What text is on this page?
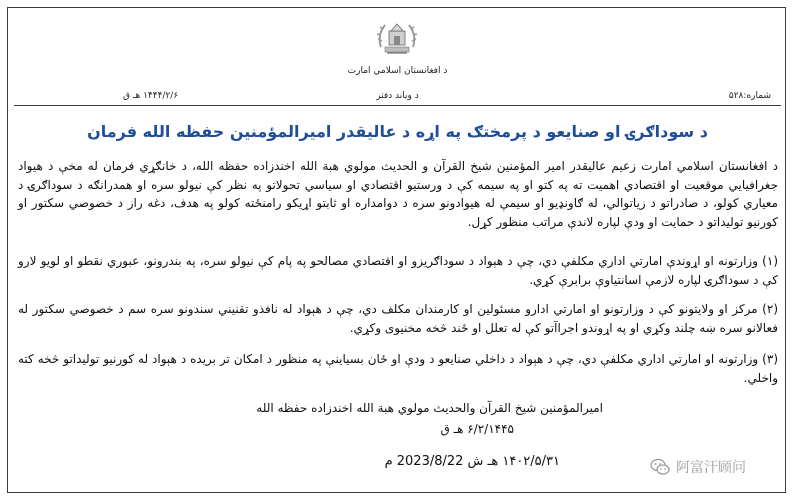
د افغانستان اسلامي امارت
شماره:۵۲۸
د ویاند دفتر
۱۴۴۴/۲/۶ هـ ق
د سوداګرۍ او صنایعو د پرمختګ په اړه د عالیقدر امیرالمؤمنین حفظه الله فرمان
د افغانستان اسلامي امارت زعیم عالیقدر امیر المؤمنین شیخ القرآن و الحدیث مولوي هبة الله اخندزاده حفظه الله، د خانګړي فرمان له مخې د هیواد جغرافیایي موقعیت او اقتصادي اهمیت ته په کتو او په سیمه کې د ورستیو اقتصادي او سیاسي تحولاتو په نظر کې نیولو سره او همدرانګه د سوداګرۍ د معیاري کولو، د صادراتو د زیاتوالي، له ګاونډیو او سیمې له هیوادونو سره د دوامداره او ثابتو اړیکو رامنځته کولو په هدف، دغه راز د خصوصي سکتور او کورنیو تولیداتو د حمایت او ودې لپاره لاندې مراتب منظور کړل.
(۱) وزارتونه او اړوندې امارتي اداري مکلفې دي، چې د هېواد د سوداګریزو او اقتصادي مصالحو په پام کې نیولو سره، په بندرونو، عبوري نقطو او لویو لارو کې د سوداګرۍ لپاره لازمې اسانتیاوې برابرې کړي.
(۲) مرکز او ولایتونو کې د وزارتونو او امارتي ادارو مسئولین او کارمندان مکلف دي، چې د هېواد له نافذو تقنیني سندونو سره سم د خصوصي سکتور له فعالانو سره ښه چلند وکړي او په اړوندو اجراآتو کې له تعلل او ځند څخه مخنیوی وکړي.
(۳) وزارتونه او امارتي اداري مکلفې دي، چې د هېواد د داخلي صنایعو د ودې او ځان بسیاینې په منظور د امکان تر بریده د هېواد له کورنیو تولیداتو څخه کته واخلي.
امیرالمؤمنین شیخ القرآن والحدیث مولوي هبة الله اخندزاده حفظه الله
۶/۲/۱۴۴۵ هـ ق
۱۴۰۲/۵/۳۱ هـ ش 2023/8/22 م	阿富汗顾问
